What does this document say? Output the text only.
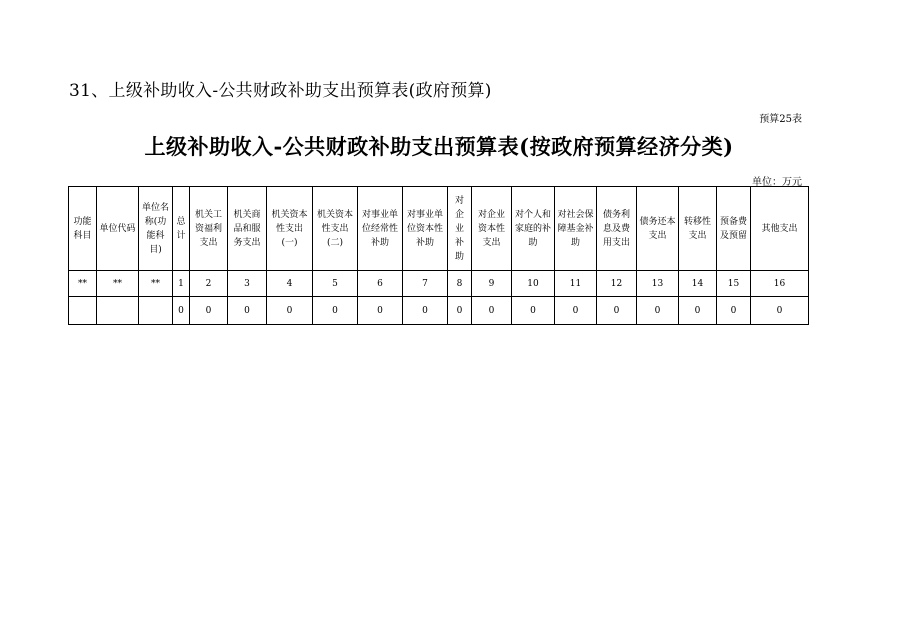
31、上级补助收入-公共财政补助支出预算表(政府预算)
预算25表
上级补助收入-公共财政补助支出预算表(按政府预算经济分类)
单位：万元
功能科目	单位代码	单位名称(功能科目)	总计	机关工资福利支出	机关商品和服务支出	机关资本性支出(一)	机关资本性支出(二)	对事业单位经常性补助	对事业单位资本性补助	对企业补助	对企业资本性支出	对个人和家庭的补助	对社会保障基金补助	债务利息及费用支出	债务还本支出	转移性支出	预备费及预留	其他支出
**	**	**	1	2	3	4	5	6	7	8	9	10	11	12	13	14	15	16
			0	0	0	0	0	0	0	0	0	0	0	0	0	0	0	0
